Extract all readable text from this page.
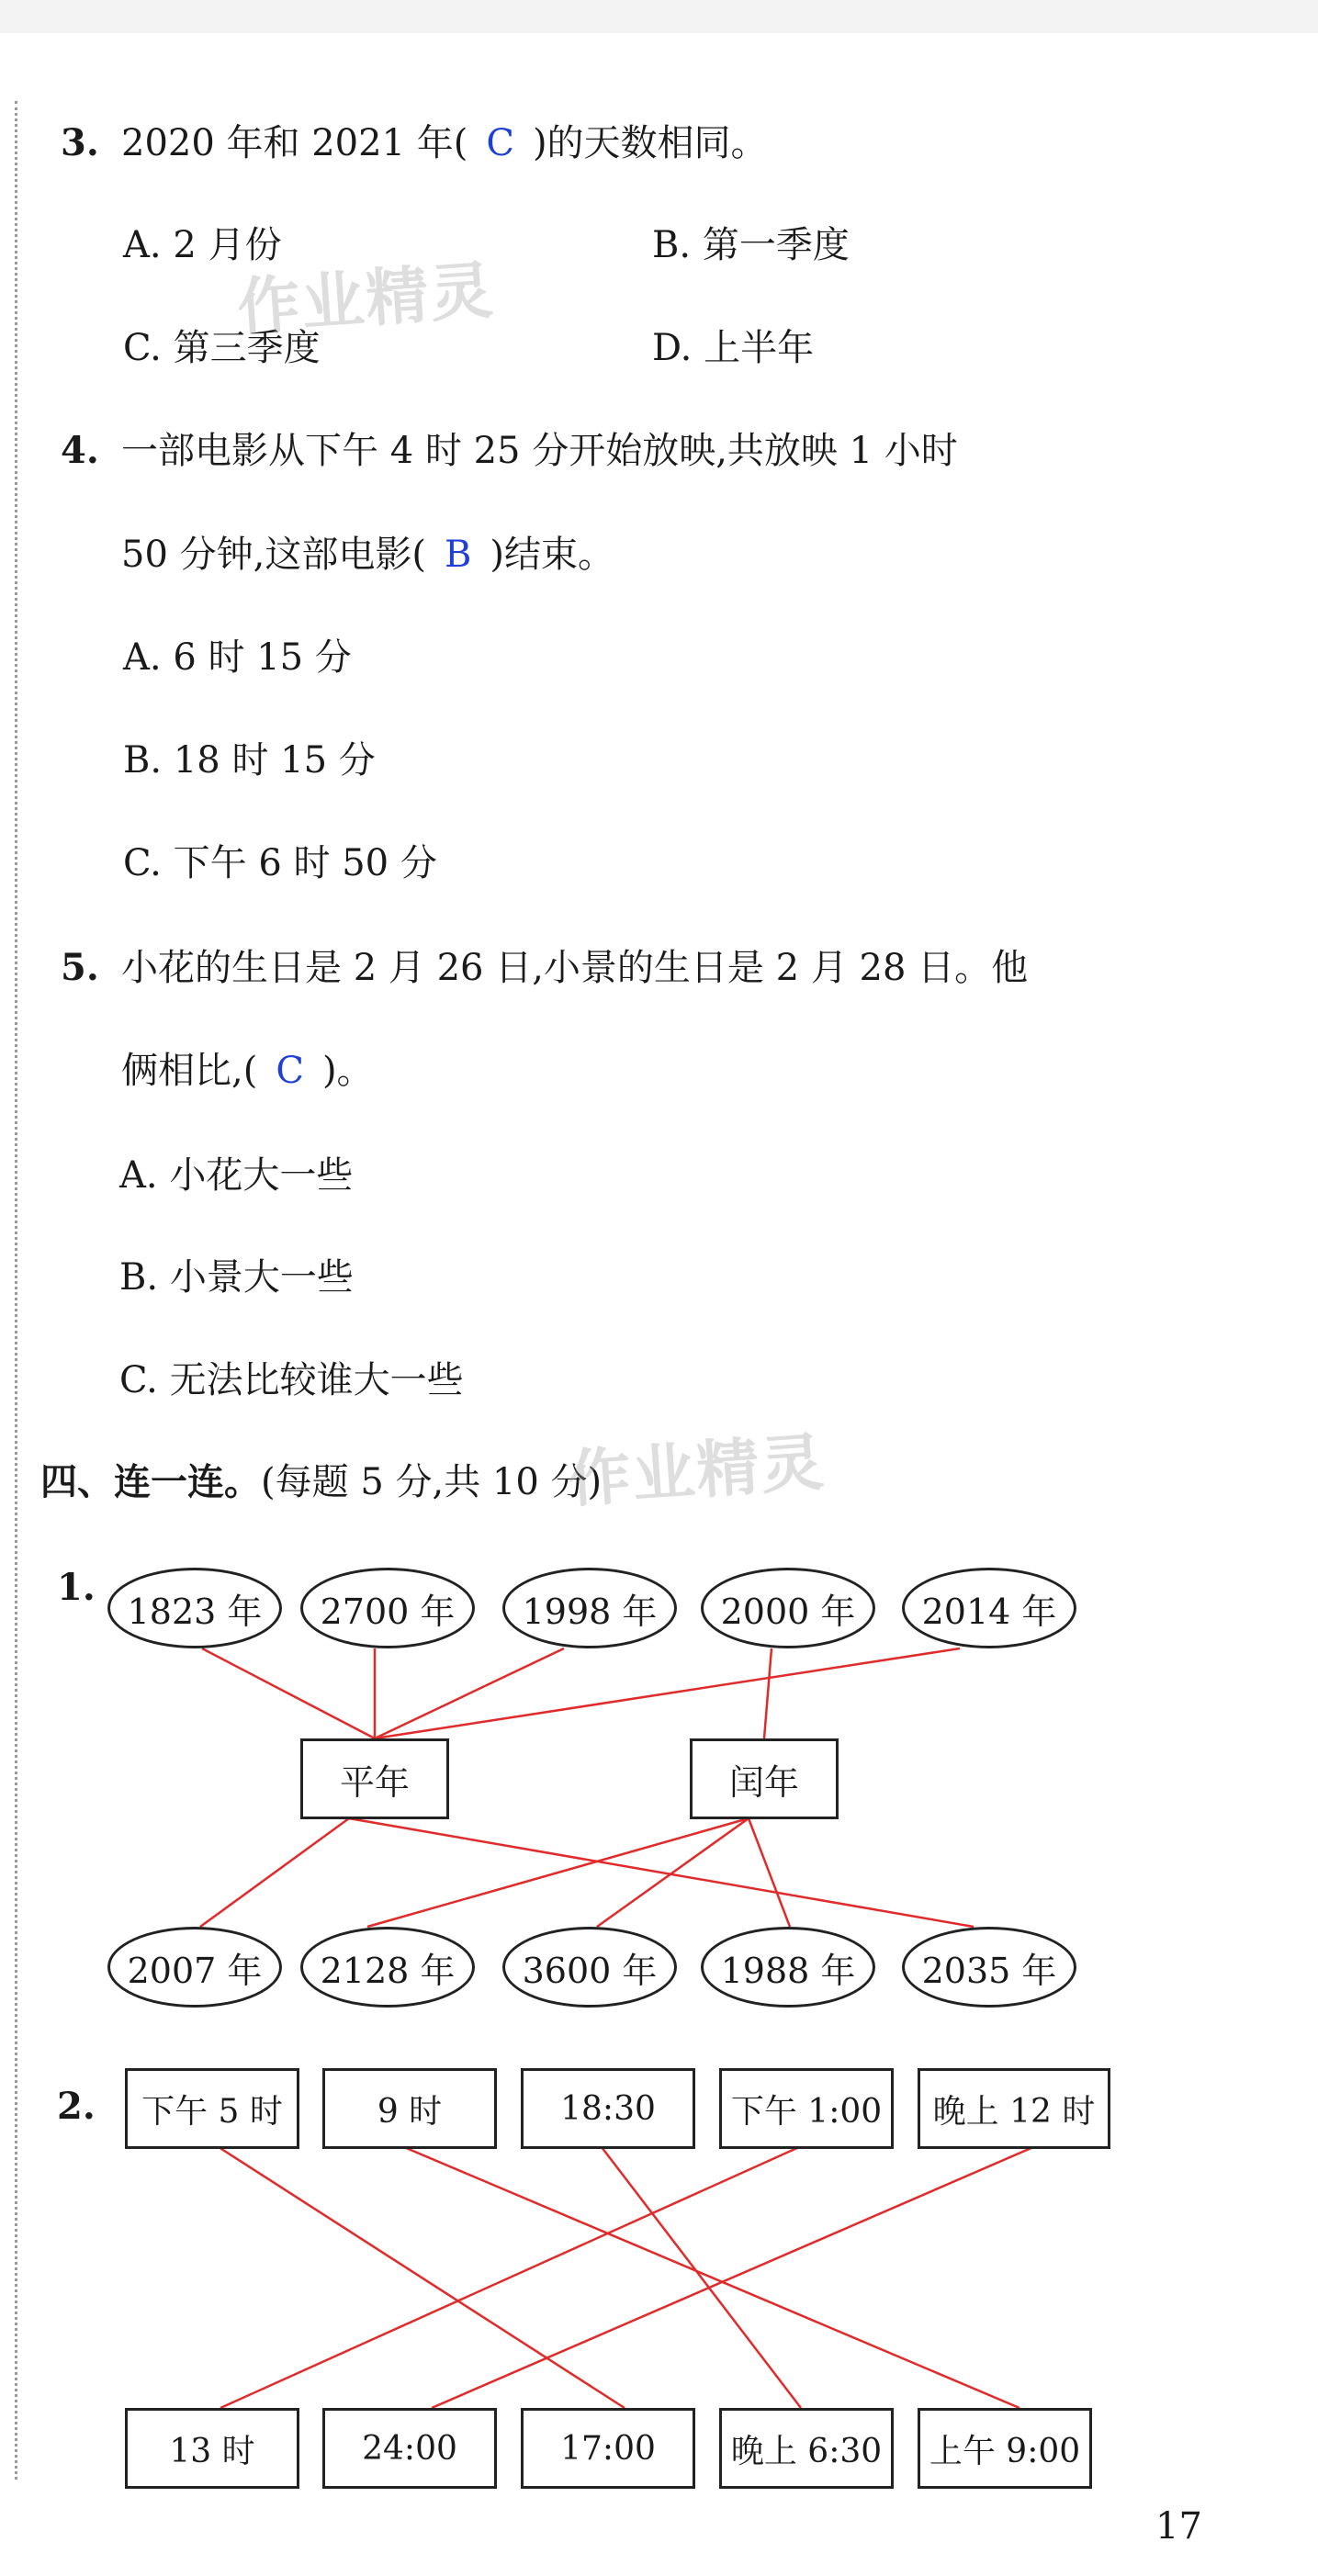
3. 2020 年和 2021 年( C )的天数相同。
A. 2 月份	B. 第一季度
C. 第三季度	D. 上半年
4. 一部电影从下午 4 时 25 分开始放映,共放映 1 小时
50 分钟,这部电影( B )结束。
A. 6 时 15 分
B. 18 时 15 分
C. 下午 6 时 50 分
5. 小花的生日是 2 月 26 日,小景的生日是 2 月 28 日。他
俩相比,( C )。
A. 小花大一些
B. 小景大一些
C. 无法比较谁大一些
四、连一连。(每题 5 分,共 10 分)
作业精灵
作业精灵
1.
1823 年	2700 年	1998 年	2000 年	2014 年
平年	闰年
2007 年	2128 年	3600 年	1988 年	2035 年
2.	下午 5 时	9 时	18:30	下午 1:00	晚上 12 时
13 时	24:00	17:00	晚上 6:30	上午 9:00
17
